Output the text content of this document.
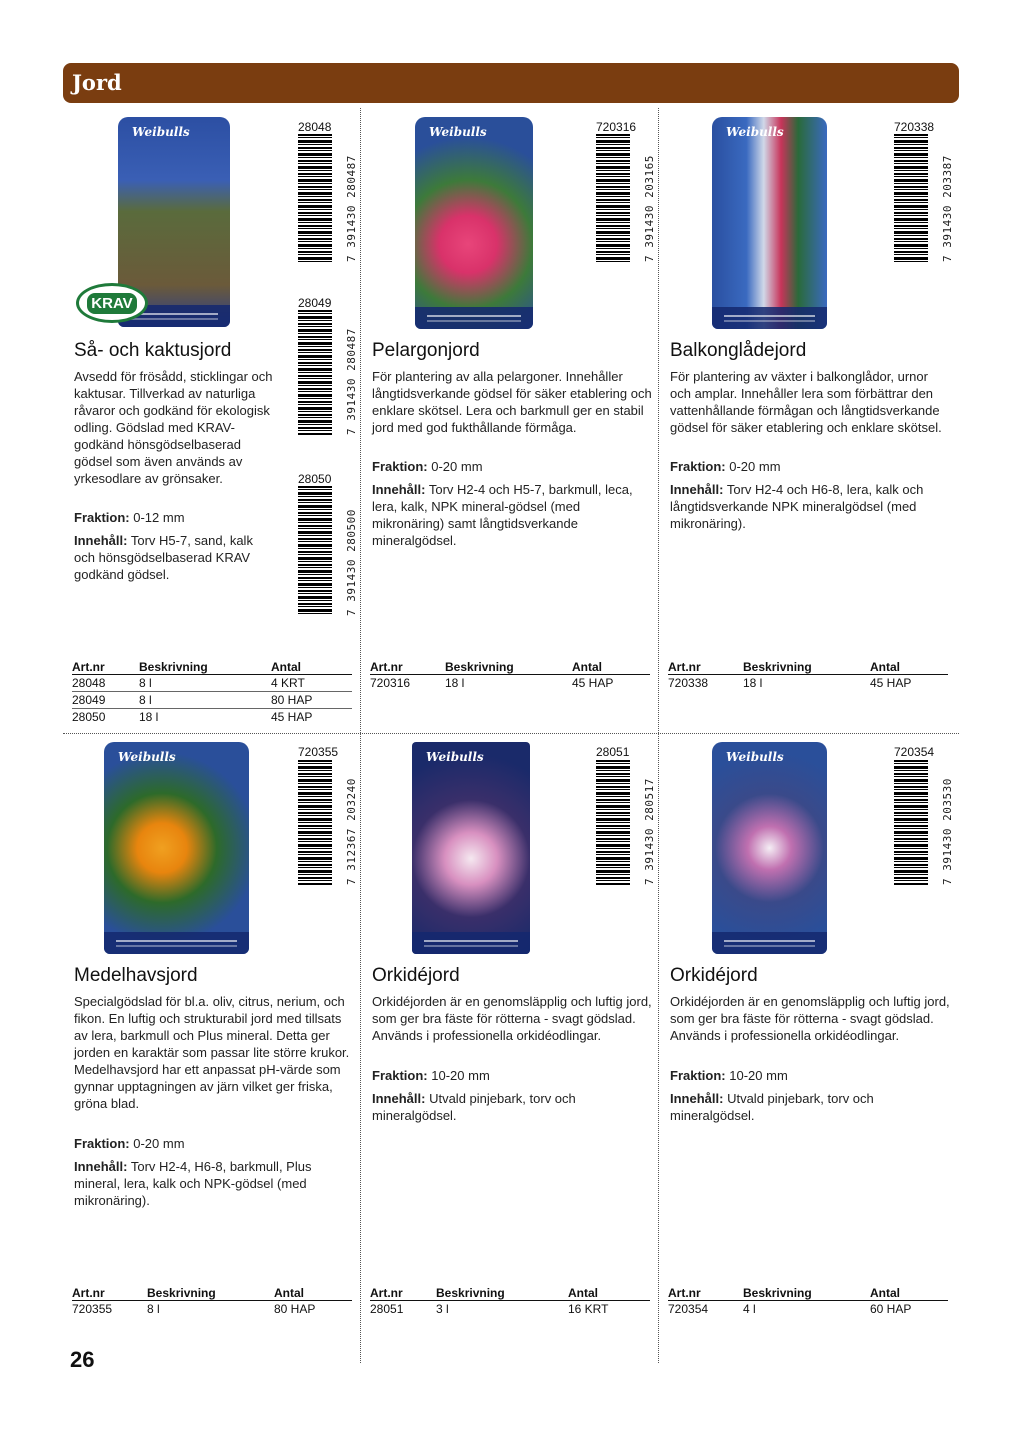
Jord
Weibulls
KRAV
28048
7 391430 280487
28049
7 391430 280487
28050
7 391430 280500
Så- och kaktusjord

Avsedd för frösådd, sticklingar och kaktusar. Tillverkad av naturliga råvaror och godkänd för ekologisk odling. Gödslad med KRAV-godkänd hönsgödselbaserad gödsel som även används av yrkesodlare av grönsaker.

Fraktion: 0-12 mm

Innehåll: Torv H5-7, sand, kalk och hönsgödselbaserad KRAV godkänd gödsel.

Art.nr	Beskrivning	Antal
28048	8 l	4 KRT
28049	8 l	80 HAP
28050	18 l	45 HAP
Weibulls	720316
7 391430 203165
Pelargonjord

För plantering av alla pelargoner. Innehåller långtidsverkande gödsel för säker etablering och enklare skötsel. Lera och barkmull ger en stabil jord med god fukthållande förmåga.

Fraktion: 0-20 mm

Innehåll: Torv H2-4 och H5-7, barkmull, leca, lera, kalk, NPK mineral-gödsel (med mikronäring) samt långtidsverkande mineralgödsel.

Art.nr	Beskrivning	Antal
720316	18 l	45 HAP
Weibulls	720338
7 391430 203387
Balkonglådejord

För plantering av växter i balkonglådor, urnor och amplar. Innehåller lera som förbättrar den vattenhållande förmågan och långtidsverkande gödsel för säker etablering och enklare skötsel.

Fraktion: 0-20 mm

Innehåll: Torv H2-4 och H6-8, lera, kalk och långtidsverkande NPK mineralgödsel (med mikronäring).

Art.nr	Beskrivning	Antal
720338	18 l	45 HAP
Weibulls	720355
7 312367 203240
Medelhavsjord

Specialgödslad för bl.a. oliv, citrus, nerium, och fikon. En luftig och strukturabil jord med tillsats av lera, barkmull och Plus mineral. Detta ger jorden en karaktär som passar lite större krukor. Medelhavsjord har ett anpassat pH-värde som gynnar upptagningen av järn vilket ger friska, gröna blad.

Fraktion: 0-20 mm

Innehåll: Torv H2-4, H6-8, barkmull, Plus mineral, lera, kalk och NPK-gödsel (med mikronäring).

Art.nr	Beskrivning	Antal
720355	8 l	80 HAP
Weibulls	28051
7 391430 280517
Orkidéjord

Orkidéjorden är en genomsläpplig och luftig jord, som ger bra fäste för rötterna - svagt gödslad. Används i professionella orkidéodlingar.

Fraktion: 10-20 mm

Innehåll: Utvald pinjebark, torv och mineralgödsel.

Art.nr	Beskrivning	Antal
28051	3 l	16 KRT
Weibulls	720354
7 391430 203530
Orkidéjord

Orkidéjorden är en genomsläpplig och luftig jord, som ger bra fäste för rötterna - svagt gödslad. Används i professionella orkidéodlingar.

Fraktion: 10-20 mm

Innehåll: Utvald pinjebark, torv och mineralgödsel.

Art.nr	Beskrivning	Antal
720354	4 l	60 HAP
26
